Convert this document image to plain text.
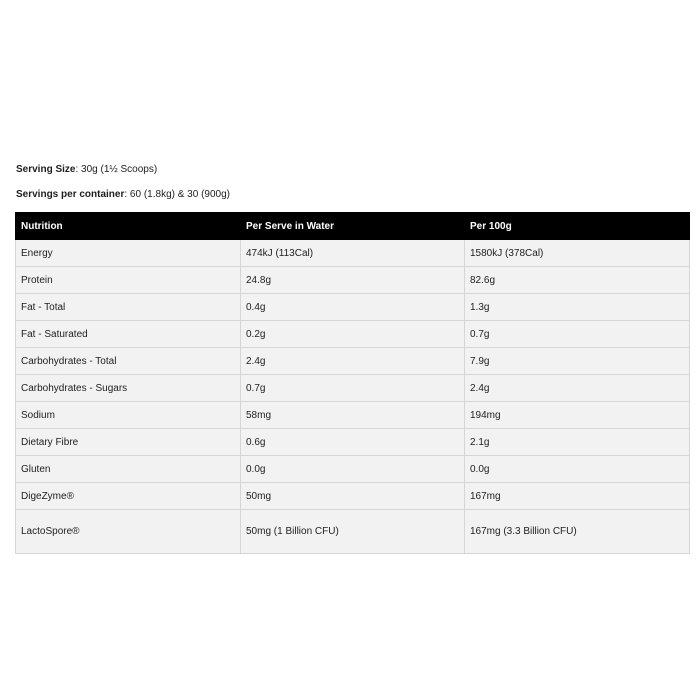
Serving Size: 30g (1½ Scoops)

Servings per container: 60 (1.8kg) & 30 (900g)

Nutrition	Per Serve in Water	Per 100g
Energy	474kJ (113Cal)	1580kJ (378Cal)
Protein	24.8g	82.6g
Fat - Total	0.4g	1.3g
Fat - Saturated	0.2g	0.7g
Carbohydrates - Total	2.4g	7.9g
Carbohydrates - Sugars	0.7g	2.4g
Sodium	58mg	194mg
Dietary Fibre	0.6g	2.1g
Gluten	0.0g	0.0g
DigeZyme®	50mg	167mg
LactoSpore®	50mg (1 Billion CFU)	167mg (3.3 Billion CFU)
